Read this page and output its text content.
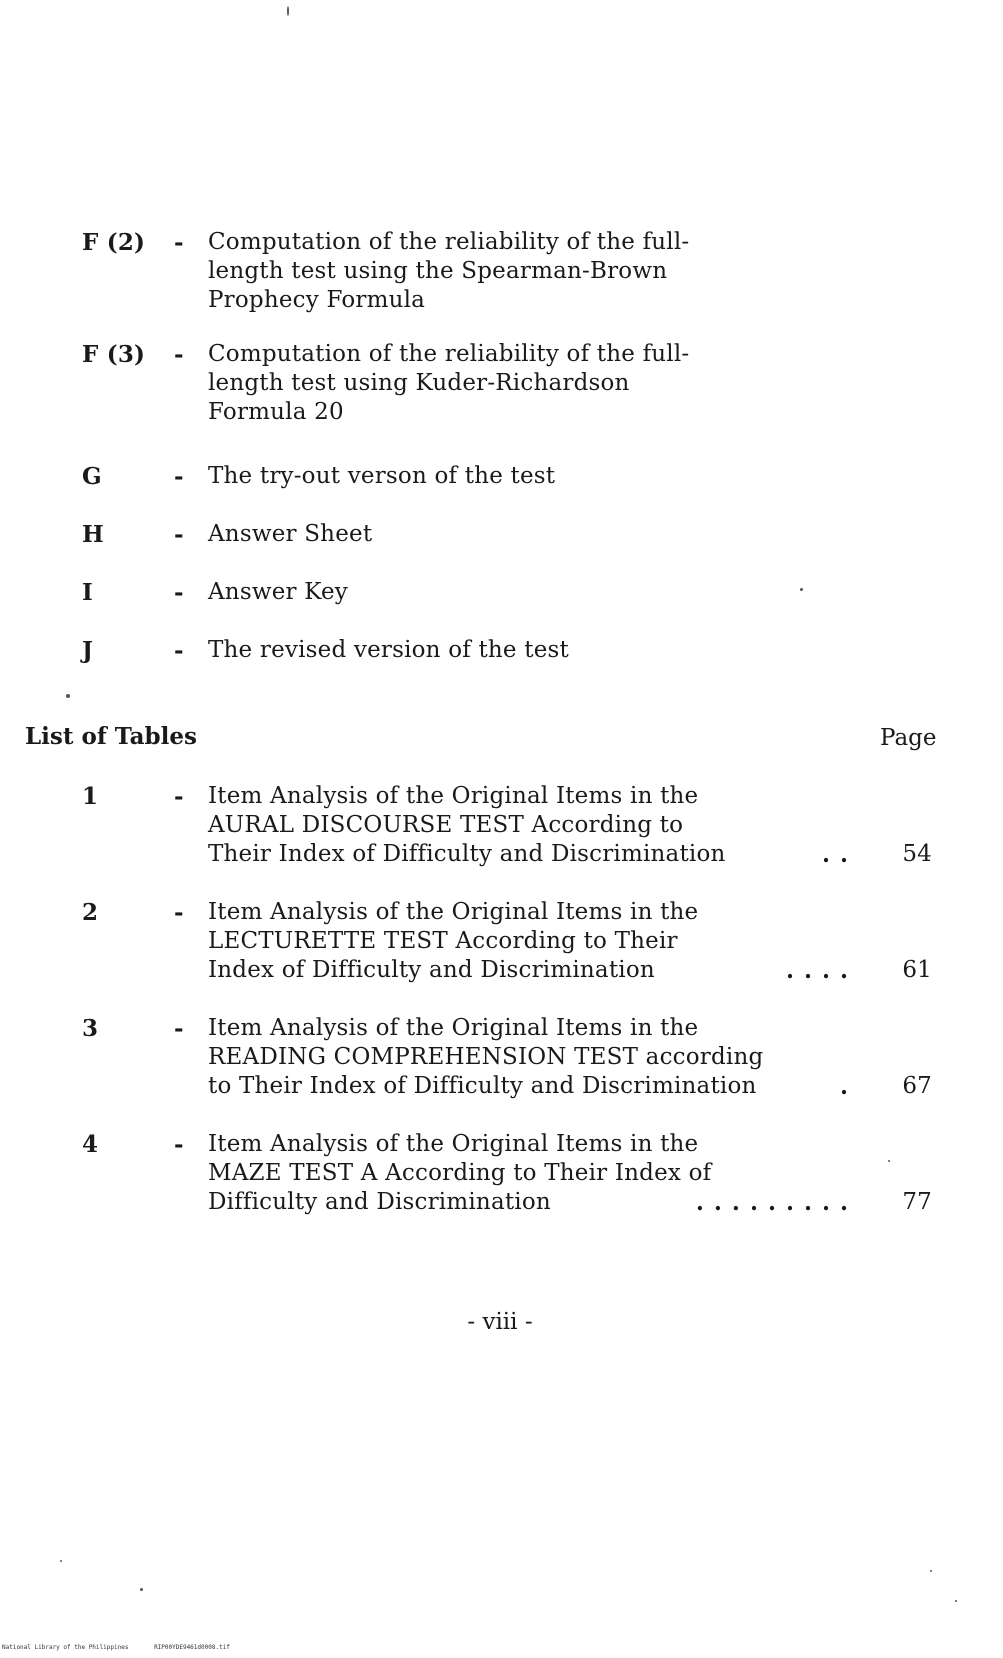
F (2) -	Computation of the reliability of the full-
length test using the Spearman-Brown
Prophecy Formula
F (3) -	Computation of the reliability of the full-
length test using Kuder-Richardson
Formula 20
G	-	The try-out verson of the test
H	-	Answer Sheet
I	-	Answer Key
J	-	The revised version of the test
List of Tables	Page
1	-	Item Analysis of the Original Items in the
AURAL DISCOURSE TEST According to
Their Index of Difficulty and Discrimination	..	54
2	-	Item Analysis of the Original Items in the
LECTURETTE TEST According to Their
Index of Difficulty and Discrimination	....	61
3	-	Item Analysis of the Original Items in the
READING COMPREHENSION TEST according
to Their Index of Difficulty and Discrimination	.	67
4	-	Item Analysis of the Original Items in the
MAZE TEST A According to Their Index of
Difficulty and Discrimination	.........	77
- viii -
National Library of the Philippines	RIP00YDE9461d0008.tif
